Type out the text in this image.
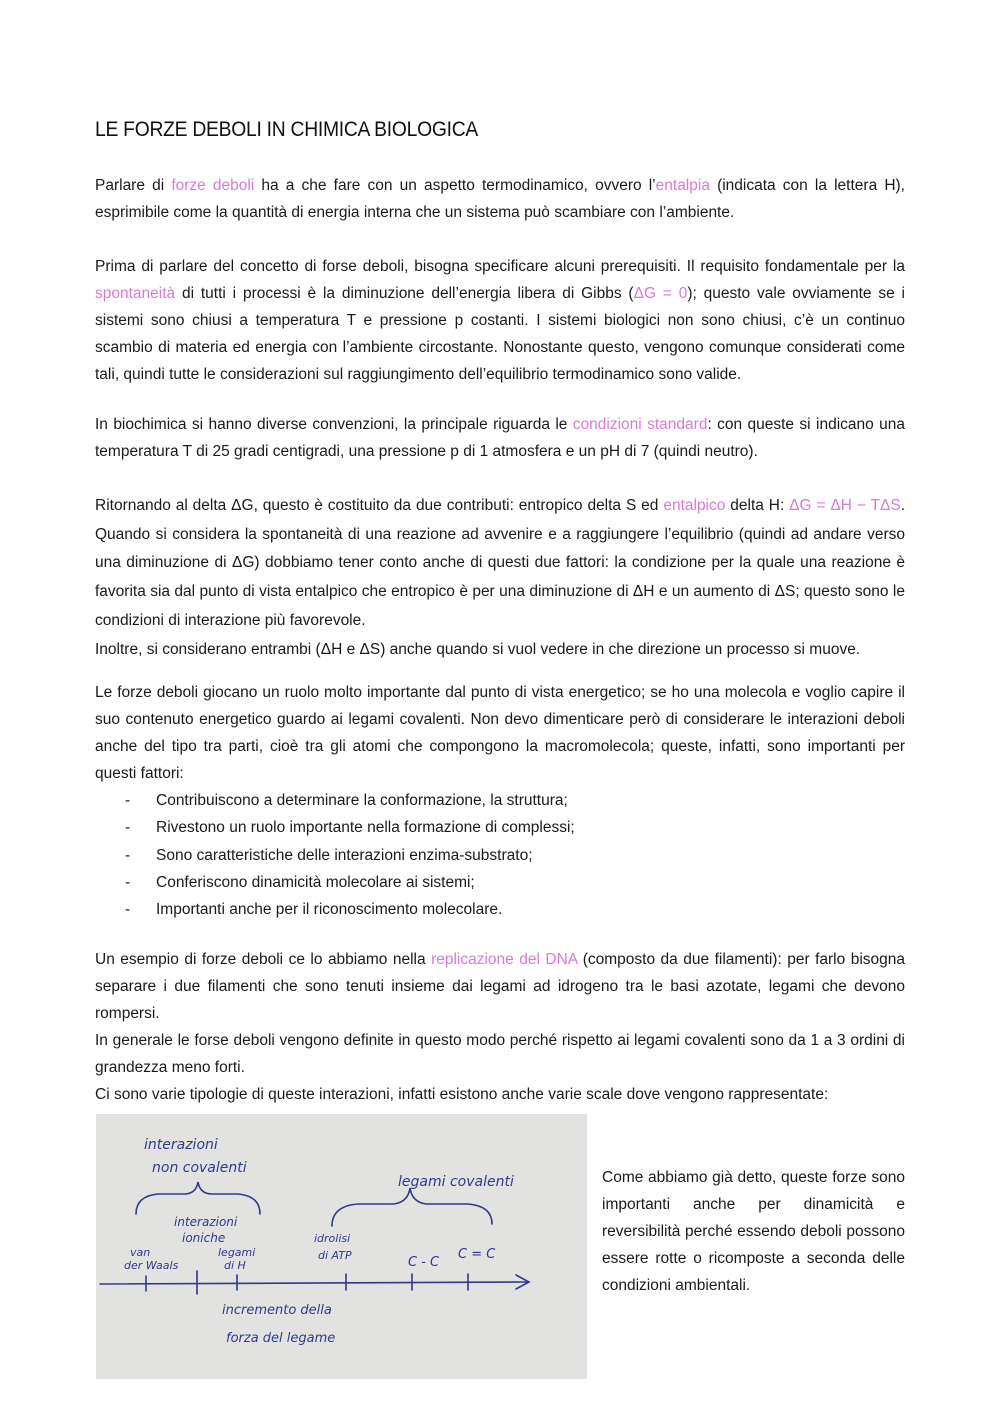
LE FORZE DEBOLI IN CHIMICA BIOLOGICA

Parlare di forze deboli ha a che fare con un aspetto termodinamico, ovvero l’entalpia (indicata con la lettera H), esprimibile come la quantità di energia interna che un sistema può scambiare con l’ambiente.

Prima di parlare del concetto di forse deboli, bisogna specificare alcuni prerequisiti. Il requisito fondamentale per la spontaneità di tutti i processi è la diminuzione dell’energia libera di Gibbs (ΔG = 0); questo vale ovviamente se i sistemi sono chiusi a temperatura T e pressione p costanti. I sistemi biologici non sono chiusi, c’è un continuo scambio di materia ed energia con l’ambiente circostante. Nonostante questo, vengono comunque considerati come tali, quindi tutte le considerazioni sul raggiungimento dell’equilibrio termodinamico sono valide.

In biochimica si hanno diverse convenzioni, la principale riguarda le condizioni standard: con queste si indicano una temperatura T di 25 gradi centigradi, una pressione p di 1 atmosfera e un pH di 7 (quindi neutro).

Ritornando al delta ΔG, questo è costituito da due contributi: entropico delta S ed entalpico delta H: ΔG = ΔH − TΔS. Quando si considera la spontaneità di una reazione ad avvenire e a raggiungere l’equilibrio (quindi ad andare verso una diminuzione di ΔG) dobbiamo tener conto anche di questi due fattori: la condizione per la quale una reazione è favorita sia dal punto di vista entalpico che entropico è per una diminuzione di ΔH e un aumento di ΔS; questo sono le condizioni di interazione più favorevole.
Inoltre, si considerano entrambi (ΔH e ΔS) anche quando si vuol vedere in che direzione un processo si muove.

Le forze deboli giocano un ruolo molto importante dal punto di vista energetico; se ho una molecola e voglio capire il suo contenuto energetico guardo ai legami covalenti. Non devo dimenticare però di considerare le interazioni deboli anche del tipo tra parti, cioè tra gli atomi che compongono la macromolecola; queste, infatti, sono importanti per questi fattori:

- Contribuiscono a determinare la conformazione, la struttura;
- Rivestono un ruolo importante nella formazione di complessi;
- Sono caratteristiche delle interazioni enzima-substrato;
- Conferiscono dinamicità molecolare ai sistemi;
- Importanti anche per il riconoscimento molecolare.

Un esempio di forze deboli ce lo abbiamo nella replicazione del DNA (composto da due filamenti): per farlo bisogna separare i due filamenti che sono tenuti insieme dai legami ad idrogeno tra le basi azotate, legami che devono rompersi.

In generale le forse deboli vengono definite in questo modo perché rispetto ai legami covalenti sono da 1 a 3 ordini di grandezza meno forti.
Ci sono varie tipologie di queste interazioni, infatti esistono anche varie scale dove vengono rappresentate:

interazioni
non covalenti
legami covalenti
interazioni
ioniche
van
der Waals
legami
di H
idrolisi
di ATP	C - C
C = C
incremento della
forza del legame

Come abbiamo già detto, queste forze sono importanti anche per dinamicità e reversibilità perché essendo deboli possono essere rotte o ricomposte a seconda delle condizioni ambientali.
